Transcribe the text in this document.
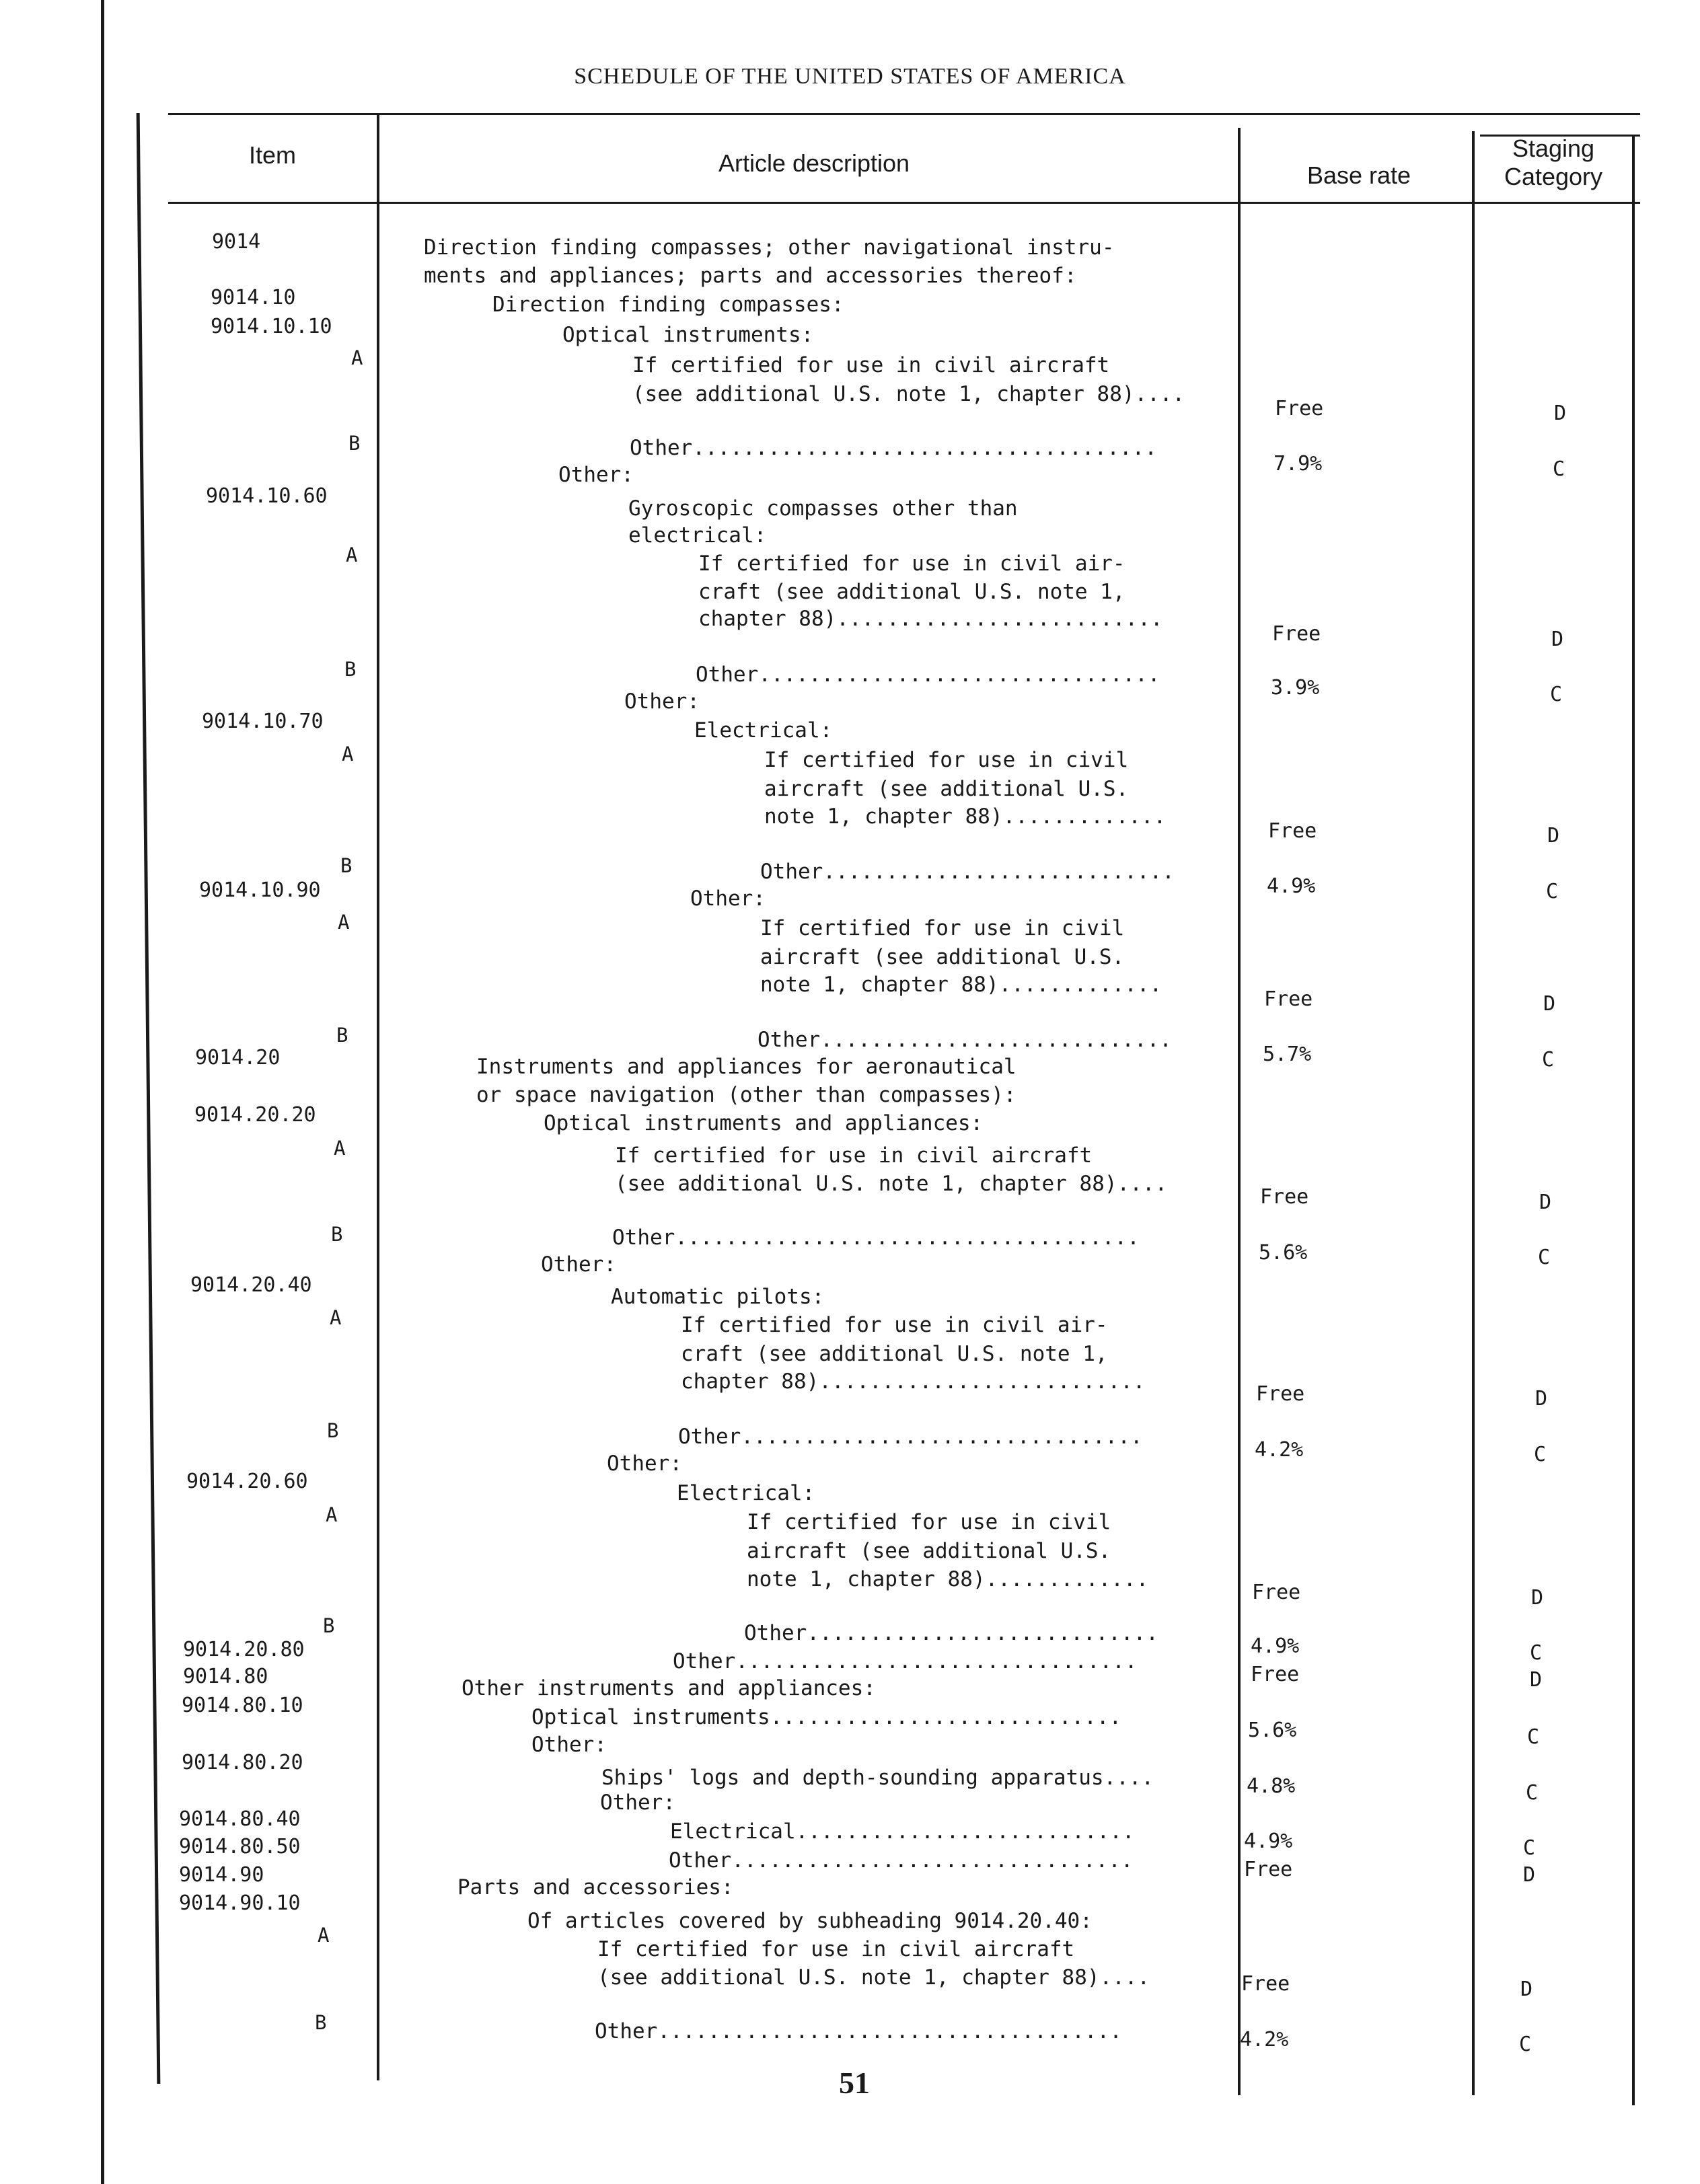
SCHEDULE OF THE UNITED STATES OF AMERICA
Item	Article description	Base rate
Staging
Category
9014
9014.10
9014.10.10
9014.10.60
9014.10.70
9014.10.90
9014.20
9014.20.20
9014.20.40
9014.20.60
9014.20.80
9014.80
9014.80.10
9014.80.20
9014.80.40
9014.80.50
9014.90
9014.90.10
A
B
A
B
A
B
A
B
A
B
A
B
A
B
A
B
Direction finding compasses; other navigational instru-
ments and appliances; parts and accessories thereof:
Direction finding compasses:
Optical instruments:
If certified for use in civil aircraft
(see additional U.S. note 1, chapter 88)....
Other.....................................
Other:
Gyroscopic compasses other than
electrical:
If certified for use in civil air-
craft (see additional U.S. note 1,
chapter 88)..........................
Other................................
Other:
Electrical:
If certified for use in civil
aircraft (see additional U.S.
note 1, chapter 88).............
Other............................
Other:
If certified for use in civil
aircraft (see additional U.S.
note 1, chapter 88).............
Other............................
Instruments and appliances for aeronautical
or space navigation (other than compasses):
Optical instruments and appliances:
If certified for use in civil aircraft
(see additional U.S. note 1, chapter 88)....
Other.....................................
Other:
Automatic pilots:
If certified for use in civil air-
craft (see additional U.S. note 1,
chapter 88)..........................
Other................................
Other:
Electrical:
If certified for use in civil
aircraft (see additional U.S.
note 1, chapter 88).............
Other............................
Other................................
Other instruments and appliances:
Optical instruments............................
Other:
Ships' logs and depth-sounding apparatus....
Other:
Electrical...........................
Other................................
Parts and accessories:
Of articles covered by subheading 9014.20.40:
If certified for use in civil aircraft
(see additional U.S. note 1, chapter 88)....
Other.....................................
Free
7.9%
Free
3.9%
Free
4.9%
Free
5.7%
Free
5.6%
Free
4.2%
Free
4.9%
Free
5.6%
4.8%
4.9%
Free
Free
4.2%
D
C
D
C
D
C
D
C
D
C
D
C
D
C
D
C
C
C
D
D
C
51
